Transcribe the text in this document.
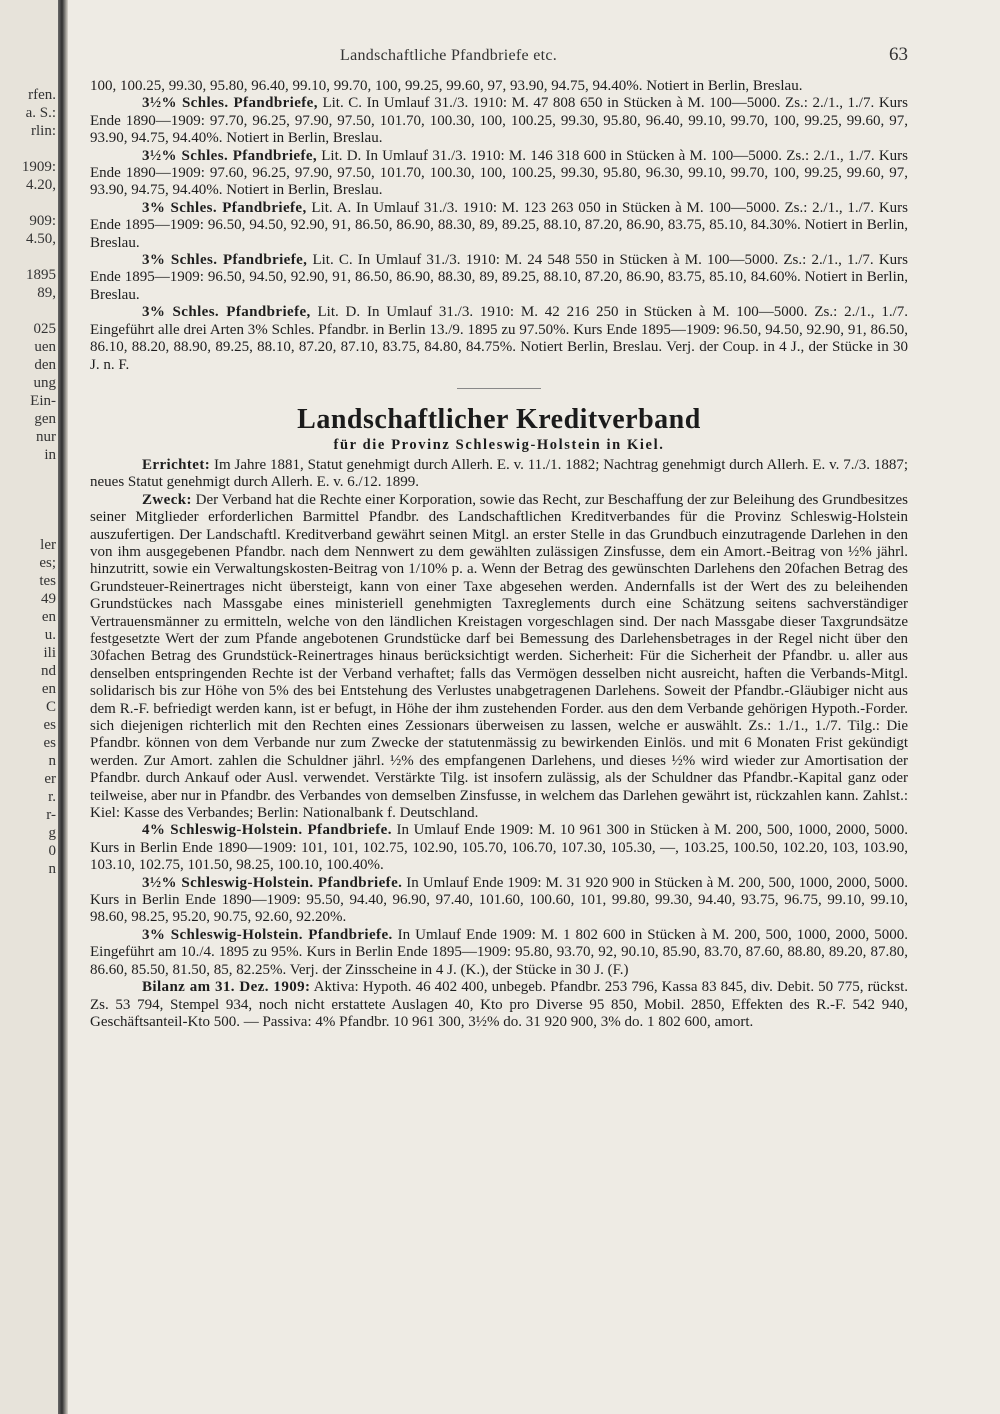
rfen.
a. S.:
rlin:
1909:
4.20,
909:
4.50,
1895
89,
025
uen
den
ung
Ein-
gen
nur
in
ler
es;
tes
49
en
u.
ili
nd
en
C
es
es
n
er
r.
r-
g
0
n
Landschaftliche Pfandbriefe etc.	63

100, 100.25, 99.30, 95.80, 96.40, 99.10, 99.70, 100, 99.25, 99.60, 97, 93.90, 94.75, 94.40%. Notiert in Berlin, Breslau.

3½% Schles. Pfandbriefe, Lit. C. In Umlauf 31./3. 1910: M. 47 808 650 in Stücken à M. 100—5000. Zs.: 2./1., 1./7. Kurs Ende 1890—1909: 97.70, 96.25, 97.90, 97.50, 101.70, 100.30, 100, 100.25, 99.30, 95.80, 96.40, 99.10, 99.70, 100, 99.25, 99.60, 97, 93.90, 94.75, 94.40%. Notiert in Berlin, Breslau.

3½% Schles. Pfandbriefe, Lit. D. In Umlauf 31./3. 1910: M. 146 318 600 in Stücken à M. 100—5000. Zs.: 2./1., 1./7. Kurs Ende 1890—1909: 97.60, 96.25, 97.90, 97.50, 101.70, 100.30, 100, 100.25, 99.30, 95.80, 96.30, 99.10, 99.70, 100, 99.25, 99.60, 97, 93.90, 94.75, 94.40%. Notiert in Berlin, Breslau.

3% Schles. Pfandbriefe, Lit. A. In Umlauf 31./3. 1910: M. 123 263 050 in Stücken à M. 100—5000. Zs.: 2./1., 1./7. Kurs Ende 1895—1909: 96.50, 94.50, 92.90, 91, 86.50, 86.90, 88.30, 89, 89.25, 88.10, 87.20, 86.90, 83.75, 85.10, 84.30%. Notiert in Berlin, Breslau.

3% Schles. Pfandbriefe, Lit. C. In Umlauf 31./3. 1910: M. 24 548 550 in Stücken à M. 100—5000. Zs.: 2./1., 1./7. Kurs Ende 1895—1909: 96.50, 94.50, 92.90, 91, 86.50, 86.90, 88.30, 89, 89.25, 88.10, 87.20, 86.90, 83.75, 85.10, 84.60%. Notiert in Berlin, Breslau.

3% Schles. Pfandbriefe, Lit. D. In Umlauf 31./3. 1910: M. 42 216 250 in Stücken à M. 100—5000. Zs.: 2./1., 1./7. Eingeführt alle drei Arten 3% Schles. Pfandbr. in Berlin 13./9. 1895 zu 97.50%. Kurs Ende 1895—1909: 96.50, 94.50, 92.90, 91, 86.50, 86.10, 88.20, 88.90, 89.25, 88.10, 87.20, 87.10, 83.75, 84.80, 84.75%. Notiert Berlin, Breslau. Verj. der Coup. in 4 J., der Stücke in 30 J. n. F.

Landschaftlicher Kreditverband
für die Provinz Schleswig-Holstein in Kiel.

Errichtet: Im Jahre 1881, Statut genehmigt durch Allerh. E. v. 11./1. 1882; Nachtrag genehmigt durch Allerh. E. v. 7./3. 1887; neues Statut genehmigt durch Allerh. E. v. 6./12. 1899.

Zweck: Der Verband hat die Rechte einer Korporation, sowie das Recht, zur Beschaffung der zur Beleihung des Grundbesitzes seiner Mitglieder erforderlichen Barmittel Pfandbr. des Landschaftlichen Kreditverbandes für die Provinz Schleswig-Holstein auszufertigen. Der Landschaftl. Kreditverband gewährt seinen Mitgl. an erster Stelle in das Grundbuch einzutragende Darlehen in den von ihm ausgegebenen Pfandbr. nach dem Nennwert zu dem gewählten zulässigen Zinsfusse, dem ein Amort.-Beitrag von ½% jährl. hinzutritt, sowie ein Verwaltungskosten-Beitrag von 1/10% p. a. Wenn der Betrag des gewünschten Darlehens den 20fachen Betrag des Grundsteuer-Reinertrages nicht übersteigt, kann von einer Taxe abgesehen werden. Andernfalls ist der Wert des zu beleihenden Grundstückes nach Massgabe eines ministeriell genehmigten Taxreglements durch eine Schätzung seitens sachverständiger Vertrauensmänner zu ermitteln, welche von den ländlichen Kreistagen vorgeschlagen sind. Der nach Massgabe dieser Taxgrundsätze festgesetzte Wert der zum Pfande angebotenen Grundstücke darf bei Bemessung des Darlehensbetrages in der Regel nicht über den 30fachen Betrag des Grundstück-Reinertrages hinaus berücksichtigt werden. Sicherheit: Für die Sicherheit der Pfandbr. u. aller aus denselben entspringenden Rechte ist der Verband verhaftet; falls das Vermögen desselben nicht ausreicht, haften die Verbands-Mitgl. solidarisch bis zur Höhe von 5% des bei Entstehung des Verlustes unabgetragenen Darlehens. Soweit der Pfandbr.-Gläubiger nicht aus dem R.-F. befriedigt werden kann, ist er befugt, in Höhe der ihm zustehenden Forder. aus den dem Verbande gehörigen Hypoth.-Forder. sich diejenigen richterlich mit den Rechten eines Zessionars überweisen zu lassen, welche er auswählt. Zs.: 1./1., 1./7. Tilg.: Die Pfandbr. können von dem Verbande nur zum Zwecke der statutenmässig zu bewirkenden Einlös. und mit 6 Monaten Frist gekündigt werden. Zur Amort. zahlen die Schuldner jährl. ½% des empfangenen Darlehens, und dieses ½% wird wieder zur Amortisation der Pfandbr. durch Ankauf oder Ausl. verwendet. Verstärkte Tilg. ist insofern zulässig, als der Schuldner das Pfandbr.-Kapital ganz oder teilweise, aber nur in Pfandbr. des Verbandes von demselben Zinsfusse, in welchem das Darlehen gewährt ist, rückzahlen kann. Zahlst.: Kiel: Kasse des Verbandes; Berlin: Nationalbank f. Deutschland.

4% Schleswig-Holstein. Pfandbriefe. In Umlauf Ende 1909: M. 10 961 300 in Stücken à M. 200, 500, 1000, 2000, 5000. Kurs in Berlin Ende 1890—1909: 101, 101, 102.75, 102.90, 105.70, 106.70, 107.30, 105.30, —, 103.25, 100.50, 102.20, 103, 103.90, 103.10, 102.75, 101.50, 98.25, 100.10, 100.40%.

3½% Schleswig-Holstein. Pfandbriefe. In Umlauf Ende 1909: M. 31 920 900 in Stücken à M. 200, 500, 1000, 2000, 5000. Kurs in Berlin Ende 1890—1909: 95.50, 94.40, 96.90, 97.40, 101.60, 100.60, 101, 99.80, 99.30, 94.40, 93.75, 96.75, 99.10, 99.10, 98.60, 98.25, 95.20, 90.75, 92.60, 92.20%.

3% Schleswig-Holstein. Pfandbriefe. In Umlauf Ende 1909: M. 1 802 600 in Stücken à M. 200, 500, 1000, 2000, 5000. Eingeführt am 10./4. 1895 zu 95%. Kurs in Berlin Ende 1895—1909: 95.80, 93.70, 92, 90.10, 85.90, 83.70, 87.60, 88.80, 89.20, 87.80, 86.60, 85.50, 81.50, 85, 82.25%. Verj. der Zinsscheine in 4 J. (K.), der Stücke in 30 J. (F.)

Bilanz am 31. Dez. 1909: Aktiva: Hypoth. 46 402 400, unbegeb. Pfandbr. 253 796, Kassa 83 845, div. Debit. 50 775, rückst. Zs. 53 794, Stempel 934, noch nicht erstattete Auslagen 40, Kto pro Diverse 95 850, Mobil. 2850, Effekten des R.-F. 542 940, Geschäftsanteil-Kto 500. — Passiva: 4% Pfandbr. 10 961 300, 3½% do. 31 920 900, 3% do. 1 802 600, amort.
